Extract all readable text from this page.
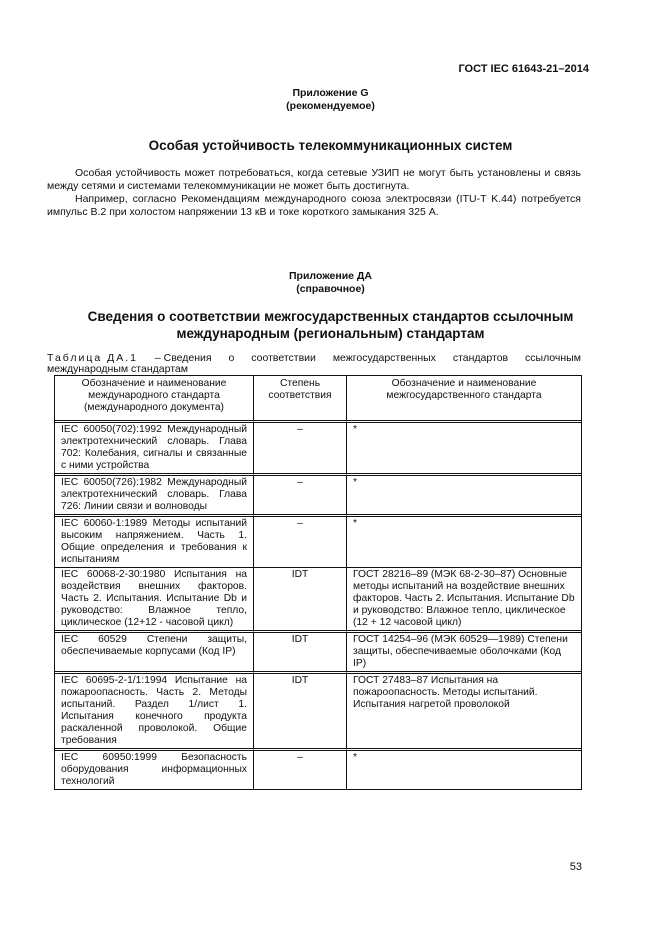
ГОСТ IEC 61643-21–2014
Приложение G
(рекомендуемое)
Особая устойчивость телекоммуникационных систем

Особая устойчивость может потребоваться, когда сетевые УЗИП не могут быть установлены и связь между сетями и системами телекоммуникации не может быть достигнута.

Например, согласно Рекомендациям международного союза электросвязи (ITU-T K.44) потребуется импульс В.2 при холостом напряжении 13 кВ и токе короткого замыкания 325 А.

Приложение ДА
(справочное)
Сведения о соответствии межгосударственных стандартов ссылочным
международным (региональным) стандартам
Таблица ДА.1 – Сведения о соответствии межгосударственных стандартов ссылочным
международным стандартам
Обозначение и наименование международного стандарта (международного документа)	Степень соответствия	Обозначение и наименование межгосударственного стандарта
IEC 60050(702):1992 Международный электротехнический словарь. Глава 702: Колебания, сигналы и связанные с ними устройства	–	*
IEC 60050(726):1982 Международный электротехнический словарь. Глава 726: Линии связи и волноводы	–	*
IEC 60060-1:1989 Методы испытаний высоким напряжением. Часть 1. Общие определения и требования к испытаниям	–	*
IEC 60068-2-30:1980 Испытания на воздействия внешних факторов. Часть 2. Испытания. Испытание Db и руководство: Влажное тепло, циклическое (12+12 - часовой цикл)	IDT	ГОСТ 28216–89 (МЭК 68-2-30–87) Основные методы испытаний на воздействие внешних факторов. Часть 2. Испытания. Испытание Db и руководство: Влажное тепло, циклическое (12 + 12 часовой цикл)
IEC 60529 Степени защиты, обеспечиваемые корпусами (Код IP)	IDT	ГОСТ 14254–96 (МЭК 60529—1989) Степени защиты, обеспечиваемые оболочками (Код IP)
IEC 60695-2-1/1:1994 Испытание на пожароопасность. Часть 2. Методы испытаний. Раздел 1/лист 1. Испытания конечного продукта раскаленной проволокой. Общие требования	IDT	ГОСТ 27483–87 Испытания на пожароопасность. Методы испытаний. Испытания нагретой проволокой
IEC 60950:1999 Безопасность оборудования информационных технологий	–	*
53
